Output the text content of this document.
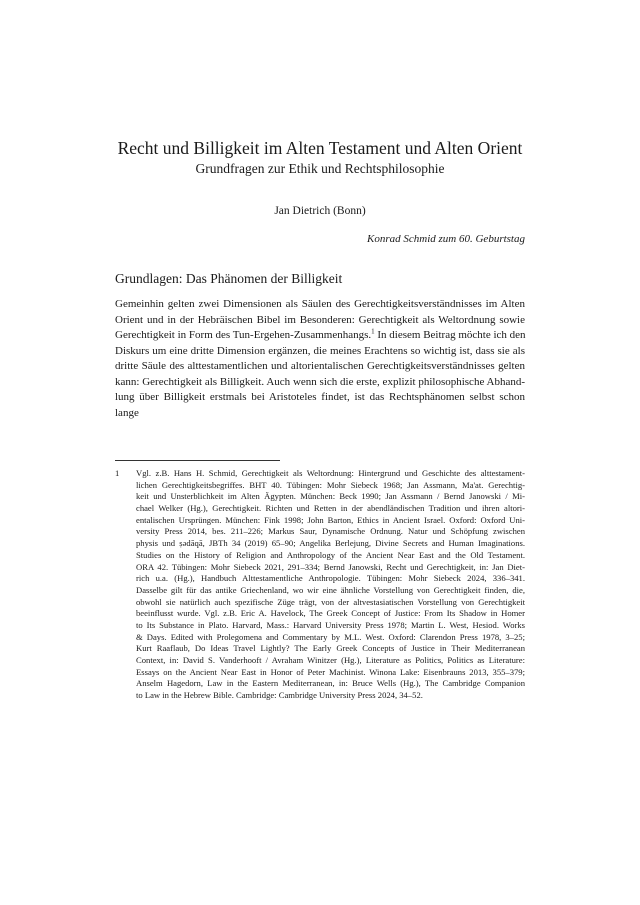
Recht und Billigkeit im Alten Testament und Alten Orient
Grundfragen zur Ethik und Rechtsphilosophie
Jan Dietrich (Bonn)
Konrad Schmid zum 60. Geburtstag
Grundlagen: Das Phänomen der Billigkeit
Gemeinhin gelten zwei Dimensionen als Säulen des Gerechtigkeitsverständnisses im Alten
Orient und in der Hebräischen Bibel im Besonderen: Gerechtigkeit als Weltordnung sowie
Gerechtigkeit in Form des Tun-Ergehen-Zusammenhangs.$^1$ In diesem Beitrag möchte ich den
Diskurs um eine dritte Dimension ergänzen, die meines Erachtens so wichtig ist, dass sie als
dritte Säule des alttestamentlichen und altorientalischen Gerechtigkeitsverständnisses gelten
kann: Gerechtigkeit als Billigkeit. Auch wenn sich die erste, explizit philosophische Abhand-
lung über Billigkeit erstmals bei Aristoteles findet, ist das Rechtsphänomen selbst schon lange
1 Vgl. z.B. Hans H. Schmid, Gerechtigkeit als Weltordnung: Hintergrund und Geschichte des alttestament-
lichen Gerechtigkeitsbegriffes. BHT 40. Tübingen: Mohr Siebeck 1968; Jan Assmann, Ma'at. Gerechtig-
keit und Unsterblichkeit im Alten Ägypten. München: Beck 1990; Jan Assmann / Bernd Janowski / Mi-
chael Welker (Hg.), Gerechtigkeit. Richten und Retten in der abendländischen Tradition und ihren altori-
entalischen Ursprüngen. München: Fink 1998; John Barton, Ethics in Ancient Israel. Oxford: Oxford Uni-
versity Press 2014, bes. 211–226; Markus Saur, Dynamische Ordnung. Natur und Schöpfung zwischen
physis und ṣədāqā, JBTh 34 (2019) 65–90; Angelika Berlejung, Divine Secrets and Human Imaginations.
Studies on the History of Religion and Anthropology of the Ancient Near East and the Old Testament.
ORA 42. Tübingen: Mohr Siebeck 2021, 291–334; Bernd Janowski, Recht und Gerechtigkeit, in: Jan Diet-
rich u.a. (Hg.), Handbuch Alttestamentliche Anthropologie. Tübingen: Mohr Siebeck 2024, 336–341.
Dasselbe gilt für das antike Griechenland, wo wir eine ähnliche Vorstellung von Gerechtigkeit finden, die,
obwohl sie natürlich auch spezifische Züge trägt, von der altvestasiatischen Vorstellung von Gerechtigkeit
beeinflusst wurde. Vgl. z.B. Eric A. Havelock, The Greek Concept of Justice: From Its Shadow in Homer
to Its Substance in Plato. Harvard, Mass.: Harvard University Press 1978; Martin L. West, Hesiod. Works
& Days. Edited with Prolegomena and Commentary by M.L. West. Oxford: Clarendon Press 1978, 3–25;
Kurt Raaflaub, Do Ideas Travel Lightly? The Early Greek Concepts of Justice in Their Mediterranean
Context, in: David S. Vanderhooft / Avraham Winitzer (Hg.), Literature as Politics, Politics as Literature:
Essays on the Ancient Near East in Honor of Peter Machinist. Winona Lake: Eisenbrauns 2013, 355–379;
Anselm Hagedorn, Law in the Eastern Mediterranean, in: Bruce Wells (Hg.), The Cambridge Companion
to Law in the Hebrew Bible. Cambridge: Cambridge University Press 2024, 34–52.
